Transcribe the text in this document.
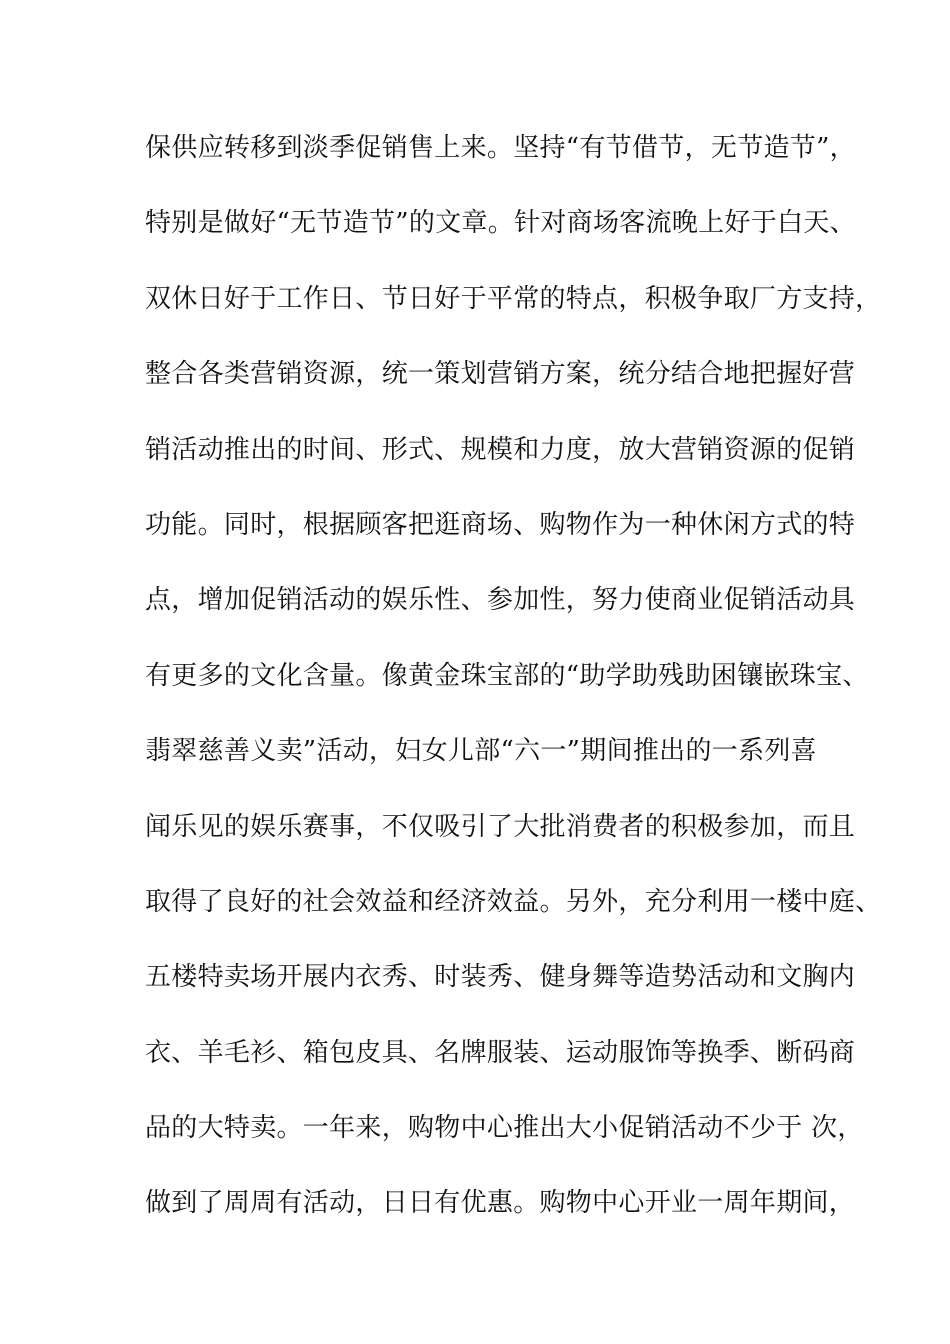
保供应转移到淡季促销售上来。坚持“有节借节，无节造节”，
特别是做好“无节造节”的文章。针对商场客流晚上好于白天、
双休日好于工作日、节日好于平常的特点，积极争取厂方支持，
整合各类营销资源，统一策划营销方案，统分结合地把握好营
销活动推出的时间、形式、规模和力度，放大营销资源的促销
功能。同时，根据顾客把逛商场、购物作为一种休闲方式的特
点，增加促销活动的娱乐性、参加性，努力使商业促销活动具
有更多的文化含量。像黄金珠宝部的“助学助残助困镶嵌珠宝、
翡翠慈善义卖”活动，妇女儿部“六一”期间推出的一系列喜
闻乐见的娱乐赛事，不仅吸引了大批消费者的积极参加，而且
取得了良好的社会效益和经济效益。另外，充分利用一楼中庭、
五楼特卖场开展内衣秀、时装秀、健身舞等造势活动和文胸内
衣、羊毛衫、箱包皮具、名牌服装、运动服饰等换季、断码商
品的大特卖。一年来，购物中心推出大小促销活动不少于 次，
做到了周周有活动，日日有优惠。购物中心开业一周年期间，
